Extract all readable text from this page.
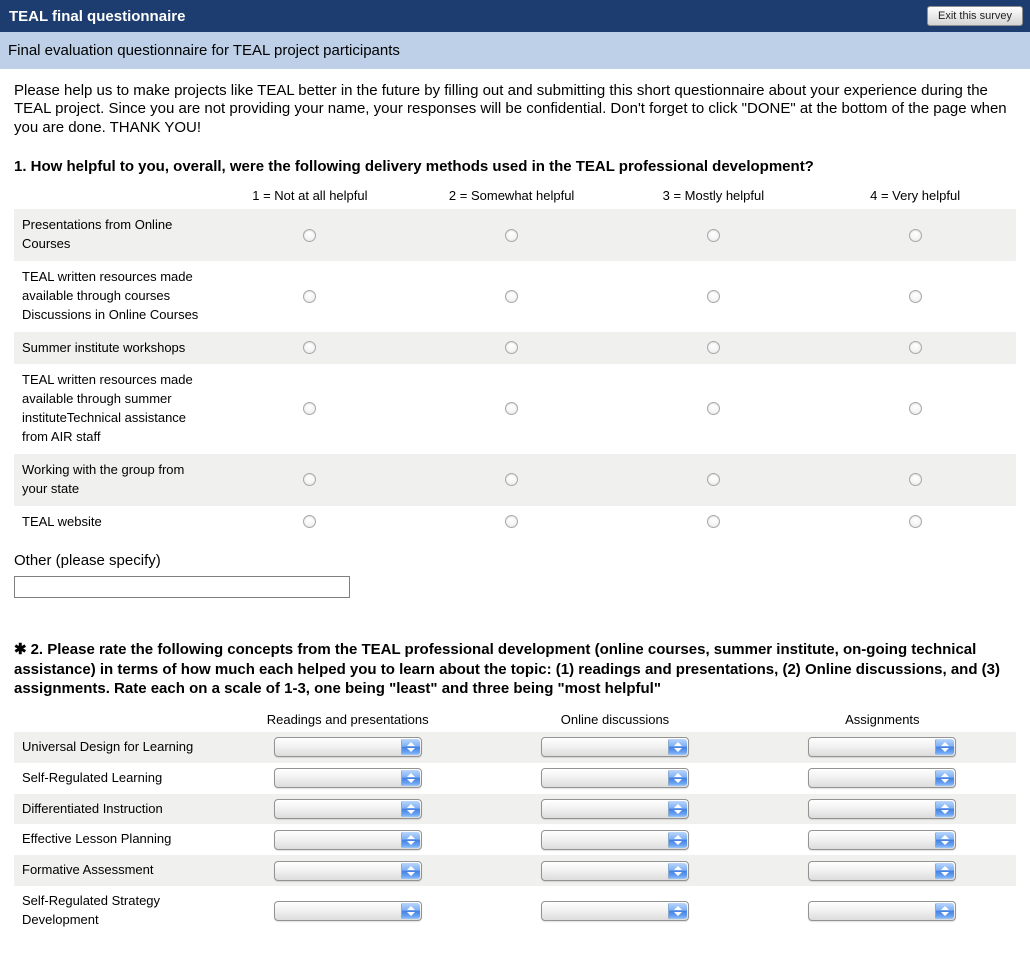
TEAL final questionnaire	Exit this survey
Final evaluation questionnaire for TEAL project participants

Please help us to make projects like TEAL better in the future by filling out and submitting this short questionnaire about your experience during the TEAL project. Since you are not providing your name, your responses will be confidential. Don't forget to click "DONE" at the bottom of the page when you are done. THANK YOU!

1. How helpful to you, overall, were the following delivery methods used in the TEAL professional development?

1 = Not at all helpful	2 = Somewhat helpful	3 = Mostly helpful	4 = Very helpful
Presentations from Online Courses
TEAL written resources made available through courses Discussions in Online Courses
Summer institute workshops
TEAL written resources made available through summer instituteTechnical assistance from AIR staff
Working with the group from your state
TEAL website
Other (please specify)

✱ 2. Please rate the following concepts from the TEAL professional development (online courses, summer institute, on-going technical assistance) in terms of how much each helped you to learn about the topic: (1) readings and presentations, (2) Online discussions, and (3) assignments. Rate each on a scale of 1-3, one being "least" and three being "most helpful"

Readings and presentations	Online discussions	Assignments
Universal Design for Learning
Self-Regulated Learning
Differentiated Instruction
Effective Lesson Planning
Formative Assessment
Self-Regulated Strategy Development
